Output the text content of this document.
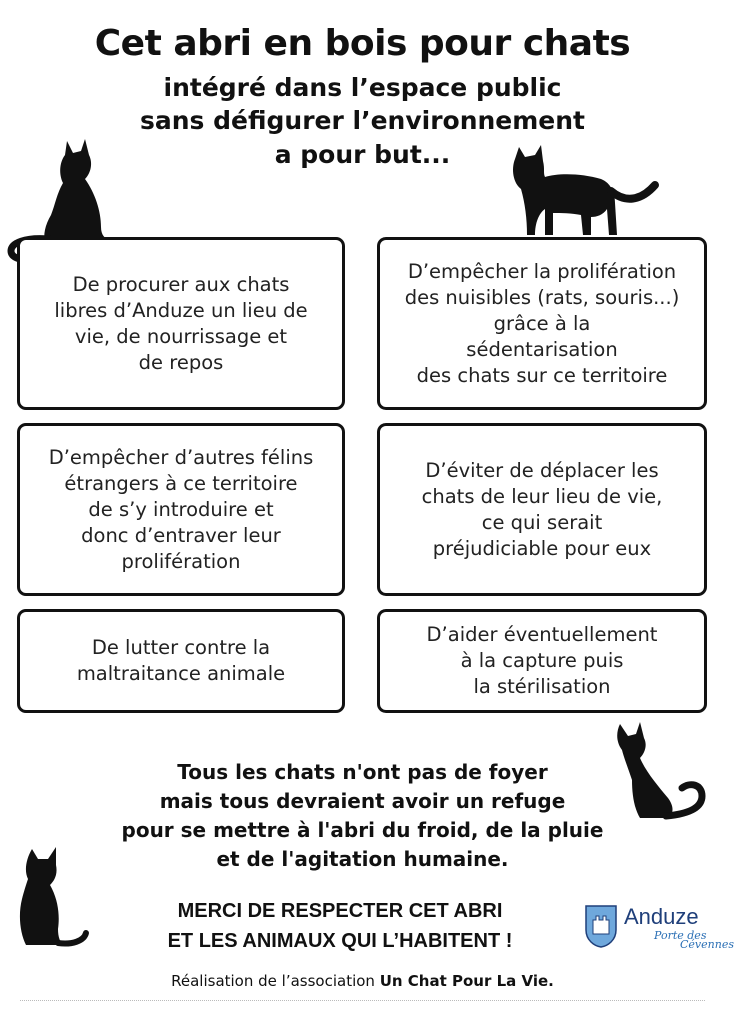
Cet abri en bois pour chats
intégré dans l’espace public
sans défigurer l’environnement
a pour but...
De procurer aux chats
libres d’Anduze un lieu de
vie, de nourrissage et
de repos
D’empêcher la prolifération
des nuisibles (rats, souris...)
grâce à la
sédentarisation
des chats sur ce territoire
D’empêcher d’autres félins
étrangers à ce territoire
de s’y introduire et
donc d’entraver leur
prolifération
D’éviter de déplacer les
chats de leur lieu de vie,
ce qui serait
préjudiciable pour eux
De lutter contre la
maltraitance animale
D’aider éventuellement
à la capture puis
la stérilisation
Tous les chats n'ont pas de foyer
mais tous devraient avoir un refuge
pour se mettre à l'abri du froid, de la pluie
et de l'agitation humaine.
MERCI DE RESPECTER CET ABRI
ET LES ANIMAUX QUI L’HABITENT !
Anduze
Porte des
Cévennes
Réalisation de l’association Un Chat Pour La Vie.
